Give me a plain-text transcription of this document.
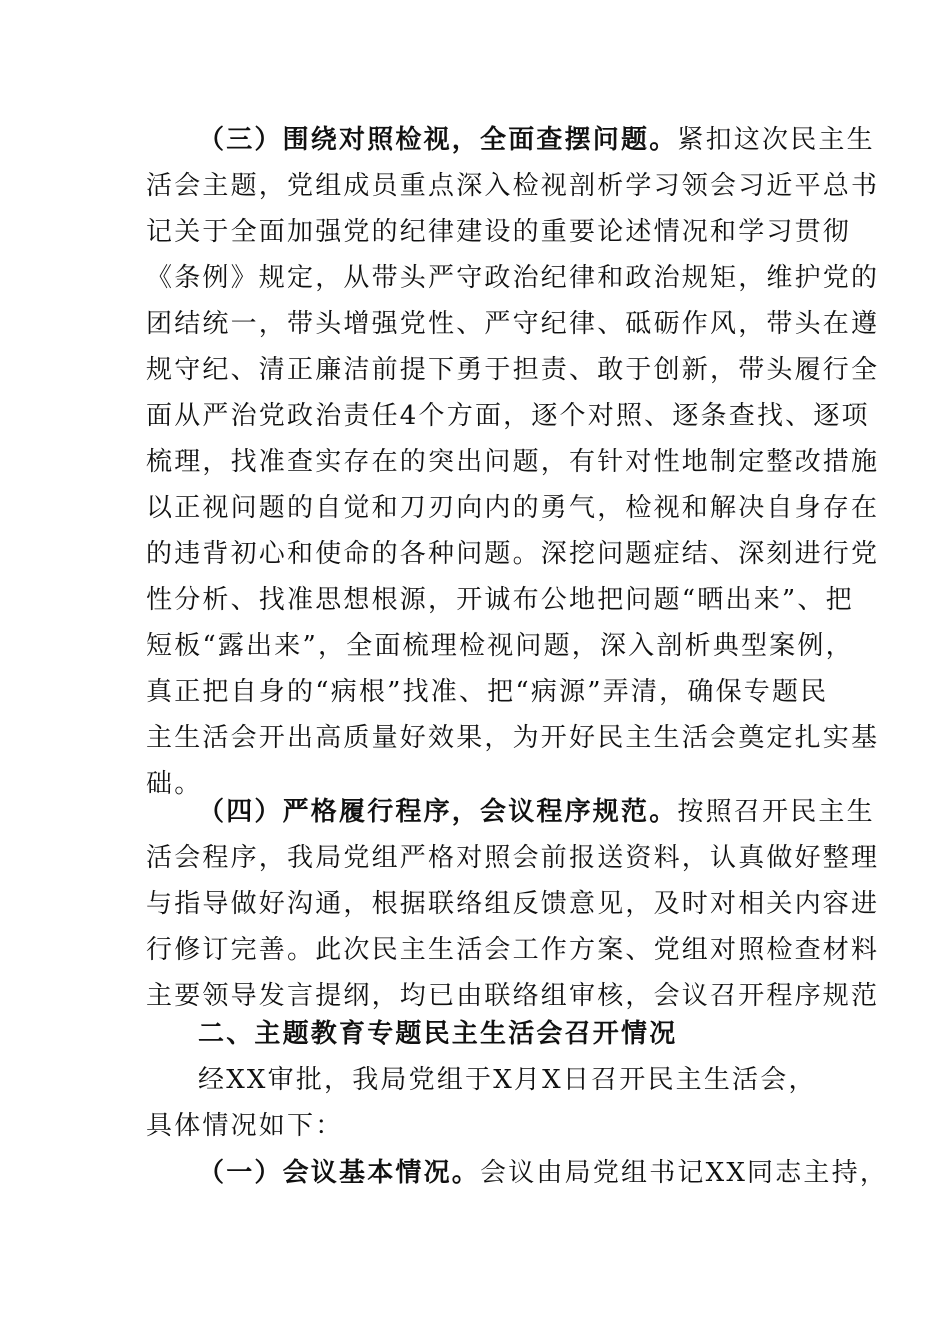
（三）围绕对照检视，全面查摆问题。紧扣这次民主生
活会主题，党组成员重点深入检视剖析学习领会习近平总书
记关于全面加强党的纪律建设的重要论述情况和学习贯彻
《条例》规定，从带头严守政治纪律和政治规矩，维护党的
团结统一，带头增强党性、严守纪律、砥砺作风，带头在遵
规守纪、清正廉洁前提下勇于担责、敢于创新，带头履行全
面从严治党政治责任4个方面，逐个对照、逐条查找、逐项
梳理，找准查实存在的突出问题，有针对性地制定整改措施
以正视问题的自觉和刀刃向内的勇气，检视和解决自身存在
的违背初心和使命的各种问题。深挖问题症结、深刻进行党
性分析、找准思想根源，开诚布公地把问题“晒出来”、把
短板“露出来”，全面梳理检视问题，深入剖析典型案例，
真正把自身的“病根”找准、把“病源”弄清，确保专题民
主生活会开出高质量好效果，为开好民主生活会奠定扎实基
础。
（四）严格履行程序，会议程序规范。按照召开民主生
活会程序，我局党组严格对照会前报送资料，认真做好整理
与指导做好沟通，根据联络组反馈意见，及时对相关内容进
行修订完善。此次民主生活会工作方案、党组对照检查材料
主要领导发言提纲，均已由联络组审核，会议召开程序规范
二、主题教育专题民主生活会召开情况
经XX审批，我局党组于X月X日召开民主生活会，
具体情况如下：
（一）会议基本情况。会议由局党组书记XX同志主持，
